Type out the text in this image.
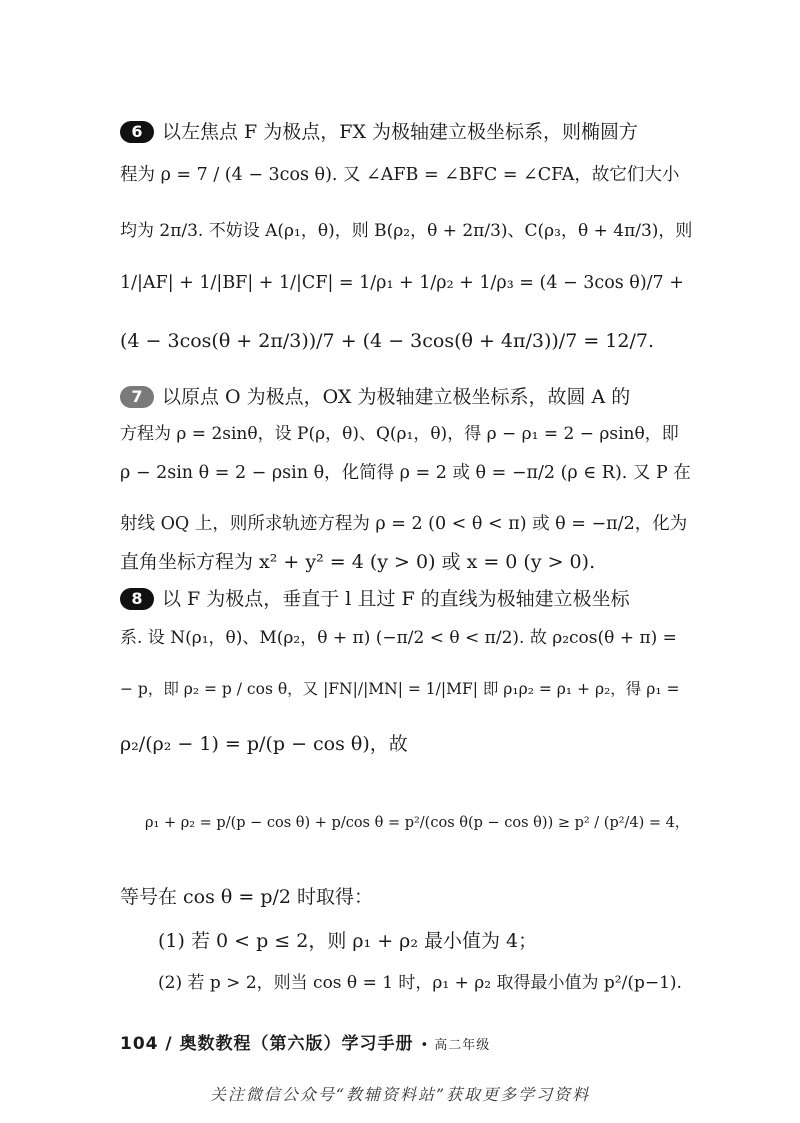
6 以左焦点 F 为极点，FX 为极轴建立极坐标系，则椭圆方
程为 ρ = 7 / (4 − 3cos θ). 又 ∠AFB = ∠BFC = ∠CFA，故它们大小
均为 2π/3. 不妨设 A(ρ₁，θ)，则 B(ρ₂，θ + 2π/3)、C(ρ₃，θ + 4π/3)，则
1/|AF| + 1/|BF| + 1/|CF| = 1/ρ₁ + 1/ρ₂ + 1/ρ₃ = (4 − 3cos θ)/7 +
(4 − 3cos(θ + 2π/3))/7 + (4 − 3cos(θ + 4π/3))/7 = 12/7.
7 以原点 O 为极点，OX 为极轴建立极坐标系，故圆 A 的
方程为 ρ = 2sinθ，设 P(ρ，θ)、Q(ρ₁，θ)，得 ρ − ρ₁ = 2 − ρsinθ，即
ρ − 2sin θ = 2 − ρsin θ，化简得 ρ = 2 或 θ = −π/2 (ρ ∈ R). 又 P 在
射线 OQ 上，则所求轨迹方程为 ρ = 2 (0 < θ < π) 或 θ = −π/2，化为
直角坐标方程为 x² + y² = 4 (y > 0) 或 x = 0 (y > 0).
8 以 F 为极点，垂直于 l 且过 F 的直线为极轴建立极坐标
系. 设 N(ρ₁，θ)、M(ρ₂，θ + π) (−π/2 < θ < π/2). 故 ρ₂cos(θ + π) =
− p，即 ρ₂ = p / cos θ，又 |FN|/|MN| = 1/|MF| 即 ρ₁ρ₂ = ρ₁ + ρ₂，得 ρ₁ =
ρ₂/(ρ₂ − 1) = p/(p − cos θ)，故
ρ₁ + ρ₂ = p/(p − cos θ) + p/cos θ = p²/(cos θ(p − cos θ)) ≥ p² / (p²/4) = 4，
等号在 cos θ = p/2 时取得：
(1) 若 0 < p ≤ 2，则 ρ₁ + ρ₂ 最小值为 4；
(2) 若 p > 2，则当 cos θ = 1 时，ρ₁ + ρ₂ 取得最小值为 p²/(p−1).
104 / 奥数教程（第六版）学习手册 • 高二年级
关注微信公众号“教辅资料站”获取更多学习资料
